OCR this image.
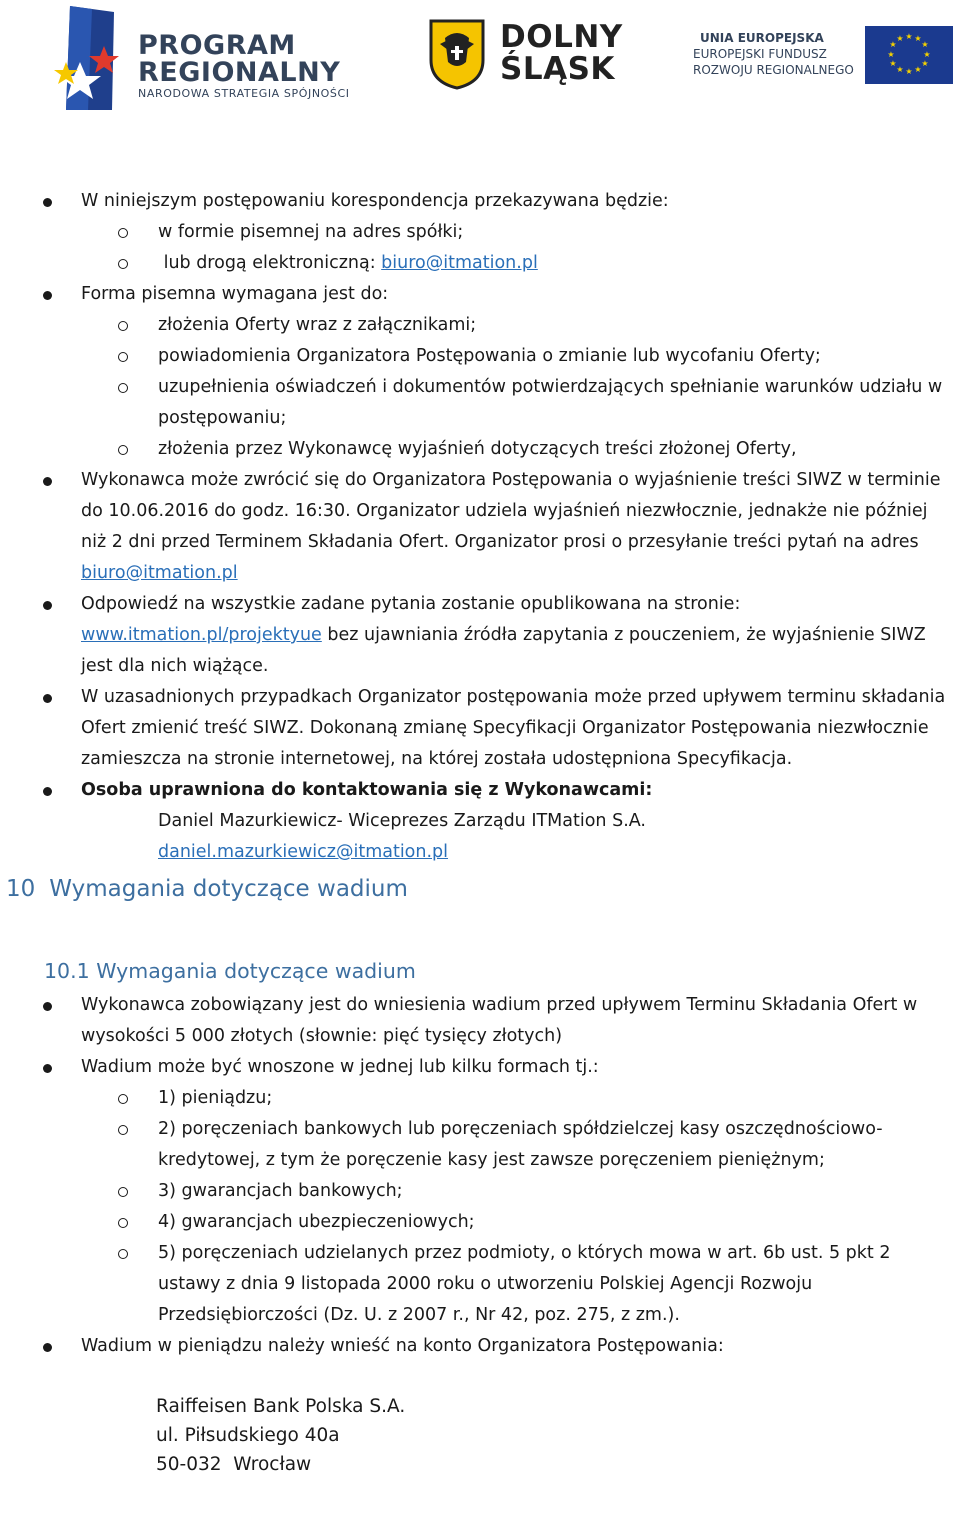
PROGRAM
REGIONALNY
NARODOWA STRATEGIA SPÓJNOŚCI
DOLNY
ŚLĄSK
UNIA EUROPEJSKA
EUROPEJSKI FUNDUSZ
ROZWOJU REGIONALNEGO
★ ★
★
★
★
★
★
★
★
★
★
★
W niniejszym postępowaniu korespondencja przekazywana będzie:
w formie pisemnej na adres spółki;
lub drogą elektroniczną: biuro@itmation.pl
Forma pisemna wymagana jest do:
złożenia Oferty wraz z załącznikami;
powiadomienia Organizatora Postępowania o zmianie lub wycofaniu Oferty;
uzupełnienia oświadczeń i dokumentów potwierdzających spełnianie warunków udziału w postępowaniu;
złożenia przez Wykonawcę wyjaśnień dotyczących treści złożonej Oferty,
Wykonawca może zwrócić się do Organizatora Postępowania o wyjaśnienie treści SIWZ w terminie do 10.06.2016 do godz. 16:30. Organizator udziela wyjaśnień niezwłocznie, jednakże nie później niż 2 dni przed Terminem Składania Ofert. Organizator prosi o przesyłanie treści pytań na adres biuro@itmation.pl
Odpowiedź na wszystkie zadane pytania zostanie opublikowana na stronie: www.itmation.pl/projektyue bez ujawniania źródła zapytania z pouczeniem, że wyjaśnienie SIWZ jest dla nich wiążące.
W uzasadnionych przypadkach Organizator postępowania może przed upływem terminu składania Ofert zmienić treść SIWZ. Dokonaną zmianę Specyfikacji Organizator Postępowania niezwłocznie zamieszcza na stronie internetowej, na której została udostępniona Specyfikacja.
Osoba uprawniona do kontaktowania się z Wykonawcami:
Daniel Mazurkiewicz- Wiceprezes Zarządu ITMation S.A.
daniel.mazurkiewicz@itmation.pl
10 Wymagania dotyczące wadium
10.1 Wymagania dotyczące wadium
Wykonawca zobowiązany jest do wniesienia wadium przed upływem Terminu Składania Ofert w wysokości 5 000 złotych (słownie: pięć tysięcy złotych)
Wadium może być wnoszone w jednej lub kilku formach tj.:
1) pieniądzu;
2) poręczeniach bankowych lub poręczeniach spółdzielczej kasy oszczędnościowo-kredytowej, z tym że poręczenie kasy jest zawsze poręczeniem pieniężnym;
3) gwarancjach bankowych;
4) gwarancjach ubezpieczeniowych;
5) poręczeniach udzielanych przez podmioty, o których mowa w art. 6b ust. 5 pkt 2 ustawy z dnia 9 listopada 2000 roku o utworzeniu Polskiej Agencji Rozwoju Przedsiębiorczości (Dz. U. z 2007 r., Nr 42, poz. 275, z zm.).
Wadium w pieniądzu należy wnieść na konto Organizatora Postępowania:
Raiffeisen Bank Polska S.A.
ul. Piłsudskiego 40a
50-032  Wrocław
